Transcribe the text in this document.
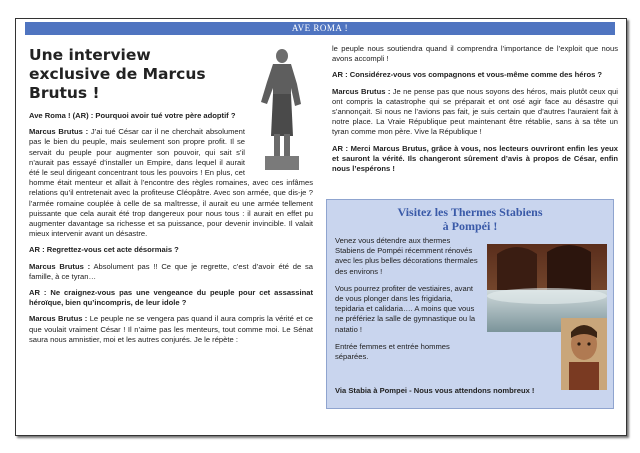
AVE ROMA !
Une interview exclusive de Marcus Brutus !

Ave Roma ! (AR) : Pourquoi avoir tué votre père adoptif ?

Marcus Brutus : J’ai tué César car il ne cherchait absolument pas le bien du peuple, mais seulement son propre profit. Il se servait du peuple pour augmenter son pouvoir, qui sait s’il n’aurait pas essayé d’installer un Empire, dans lequel il aurait été le seul dirigeant concentrant tous les pouvoirs ! En plus, cet homme était menteur et allait à l’encontre des règles romaines, avec ces infâmes relations qu’il entretenait avec la profiteuse Cléopâtre. Avec son armée, que dis-je ? l’armée romaine couplée à celle de sa maîtresse, il aurait eu une armée tellement puissante que cela aurait été trop dangereux pour nous tous : il aurait en effet pu augmenter davantage sa richesse et sa puissance, pour devenir invincible. Il valait mieux intervenir avant un désastre.

AR : Regrettez-vous cet acte désormais ?

Marcus Brutus : Absolument pas !! Ce que je regrette, c’est d’avoir été de sa famille, à ce tyran…

AR : Ne craignez-vous pas une vengeance du peuple pour cet assassinat héroïque, bien qu’incompris, de leur idole ?

Marcus Brutus : Le peuple ne se vengera pas quand il aura compris la vérité et ce que voulait vraiment César ! Il n’aime pas les menteurs, tout comme moi. Le Sénat saura nous amnistier, moi et les autres conjurés. Je le répète :

le peuple nous soutiendra quand il comprendra l’importance de l’exploit que nous avons accompli !

AR : Considérez-vous vos compagnons et vous-même comme des héros ?

Marcus Brutus : Je ne pense pas que nous soyons des héros, mais plutôt ceux qui ont compris la catastrophe qui se préparait et ont osé agir face au désastre qui s’annonçait. Si nous ne l’avions pas fait, je suis certain que d’autres l’auraient fait à notre place. La Vraie République peut maintenant être rétablie, sans à sa tête un tyran comme mon père. Vive la République !

AR : Merci Marcus Brutus, grâce à vous, nos lecteurs ouvriront enfin les yeux et sauront la vérité. Ils changeront sûrement d’avis à propos de César, enfin nous l’espérons !

Visitez les Thermes Stabiens
à Pompéi !

Venez vous détendre aux thermes Stabiens de Pompéi récemment rénovés avec les plus belles décorations thermales des environs !

Vous pourrez profiter de vestiaires, avant de vous plonger dans les frigidaria, tepidaria et calidaria…. A moins que vous ne préfériez la salle de gymnastique ou la natatio !

Entrée femmes et entrée hommes séparées.

Via Stabia à Pompei - Nous vous attendons nombreux !
